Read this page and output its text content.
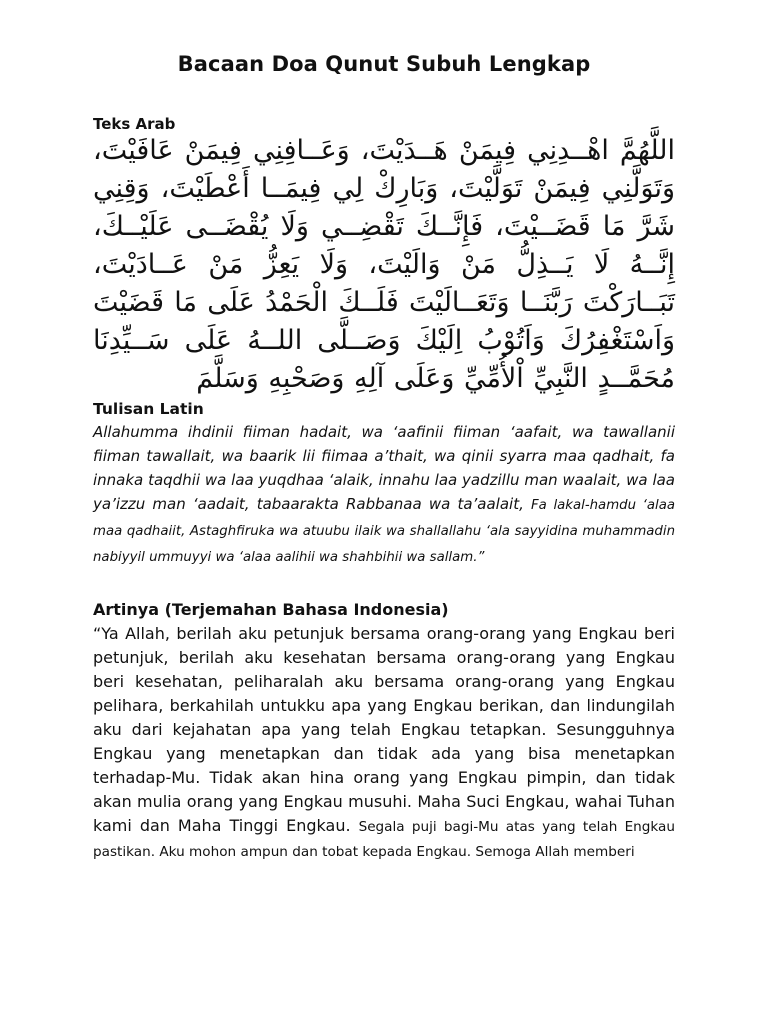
Bacaan Doa Qunut Subuh Lengkap
Teks Arab

اللَّهُمَّ اهْــدِنِي فِيمَنْ هَــدَيْتَ، وَعَــافِنِي فِيمَنْ عَافَيْتَ، وَتَوَلَّنِي فِيمَنْ تَوَلَّيْتَ، وَبَارِكْ لِي فِيمَــا أَعْطَيْتَ، وَقِنِي شَرَّ مَا قَضَــيْتَ، فَإِنَّــكَ تَقْضِــي وَلَا يُقْضَــى عَلَيْــكَ، إِنَّــهُ لَا يَــذِلُّ مَنْ وَالَيْتَ، وَلَا يَعِزُّ مَنْ عَــادَيْتَ، تَبَــارَكْتَ رَبَّنَــا وَتَعَــالَيْتَ فَلَــكَ الْحَمْدُ عَلَى مَا قَضَيْتَ وَاَسْتَغْفِرُكَ وَاَتُوْبُ اِلَيْكَ وَصَــلَّى اللــهُ عَلَى سَــيِّدِنَا مُحَمَّــدٍ النَّبِيِّ اْلأُمِّيِّ وَعَلَى آلِهِ وَصَحْبِهِ وَسَلَّمَ

Tulisan Latin

Allahumma ihdinii fiiman hadait, wa ‘aafinii fiiman ‘aafait, wa tawallanii fiiman tawallait, wa baarik lii fiimaa a’thait, wa qinii syarra maa qadhait, fa innaka taqdhii wa laa yuqdhaa ‘alaik, innahu laa yadzillu man waalait, wa laa ya’izzu man ‘aadait, tabaarakta Rabbanaa wa ta’aalait, Fa lakal-hamdu ‘alaa maa qadhaiit, Astaghfiruka wa atuubu ilaik wa shallallahu ‘ala sayyidina muhammadin nabiyyil ummuyyi wa ‘alaa aalihii wa shahbihii wa sallam.”

Artinya (Terjemahan Bahasa Indonesia)

“Ya Allah, berilah aku petunjuk bersama orang-orang yang Engkau beri petunjuk, berilah aku kesehatan bersama orang-orang yang Engkau beri kesehatan, peliharalah aku bersama orang-orang yang Engkau pelihara, berkahilah untukku apa yang Engkau berikan, dan lindungilah aku dari kejahatan apa yang telah Engkau tetapkan. Sesungguhnya Engkau yang menetapkan dan tidak ada yang bisa menetapkan terhadap-Mu. Tidak akan hina orang yang Engkau pimpin, dan tidak akan mulia orang yang Engkau musuhi. Maha Suci Engkau, wahai Tuhan kami dan Maha Tinggi Engkau. Segala puji bagi-Mu atas yang telah Engkau pastikan. Aku mohon ampun dan tobat kepada Engkau. Semoga Allah memberi
